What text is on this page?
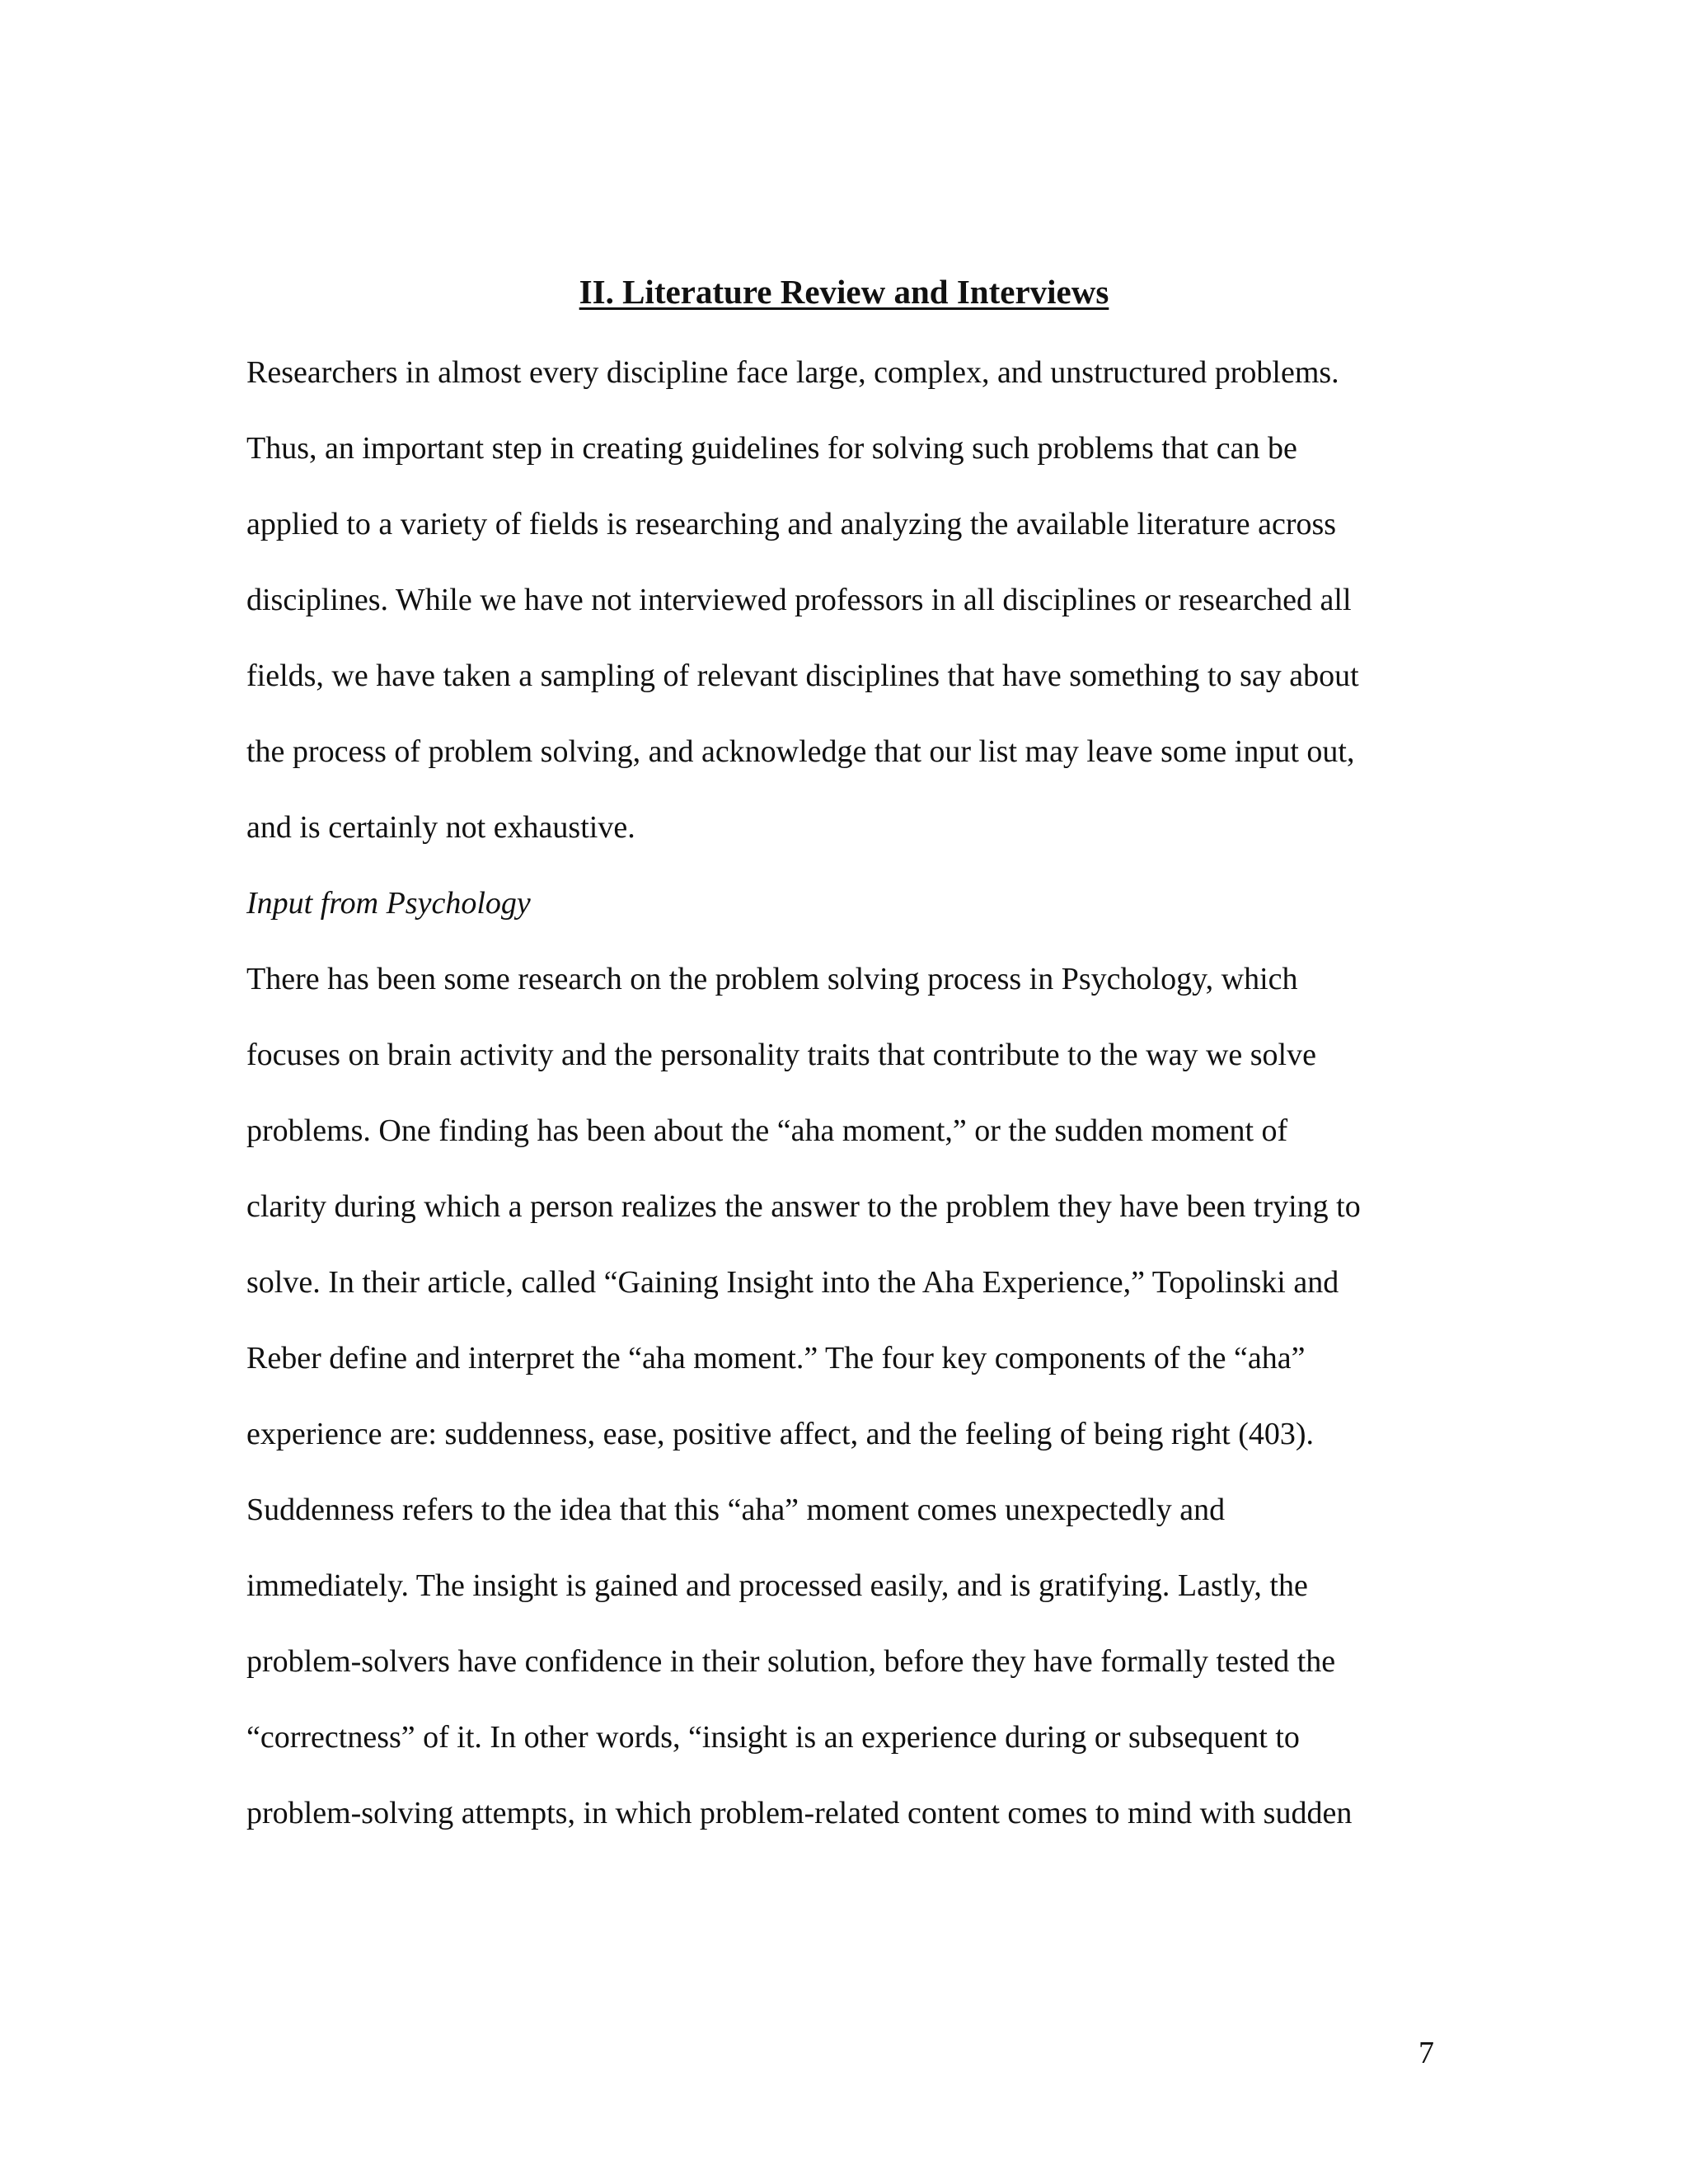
II. Literature Review and Interviews

Researchers in almost every discipline face large, complex, and unstructured problems.

Thus, an important step in creating guidelines for solving such problems that can be

applied to a variety of fields is researching and analyzing the available literature across

disciplines. While we have not interviewed professors in all disciplines or researched all

fields, we have taken a sampling of relevant disciplines that have something to say about

the process of problem solving, and acknowledge that our list may leave some input out,

and is certainly not exhaustive.

Input from Psychology

There has been some research on the problem solving process in Psychology, which

focuses on brain activity and the personality traits that contribute to the way we solve

problems. One finding has been about the “aha moment,” or the sudden moment of

clarity during which a person realizes the answer to the problem they have been trying to

solve. In their article, called “Gaining Insight into the Aha Experience,” Topolinski and

Reber define and interpret the “aha moment.” The four key components of the “aha”

experience are: suddenness, ease, positive affect, and the feeling of being right (403).

Suddenness refers to the idea that this “aha” moment comes unexpectedly and

immediately. The insight is gained and processed easily, and is gratifying. Lastly, the

problem-solvers have confidence in their solution, before they have formally tested the

“correctness” of it. In other words, “insight is an experience during or subsequent to

problem-solving attempts, in which problem-related content comes to mind with sudden

7
